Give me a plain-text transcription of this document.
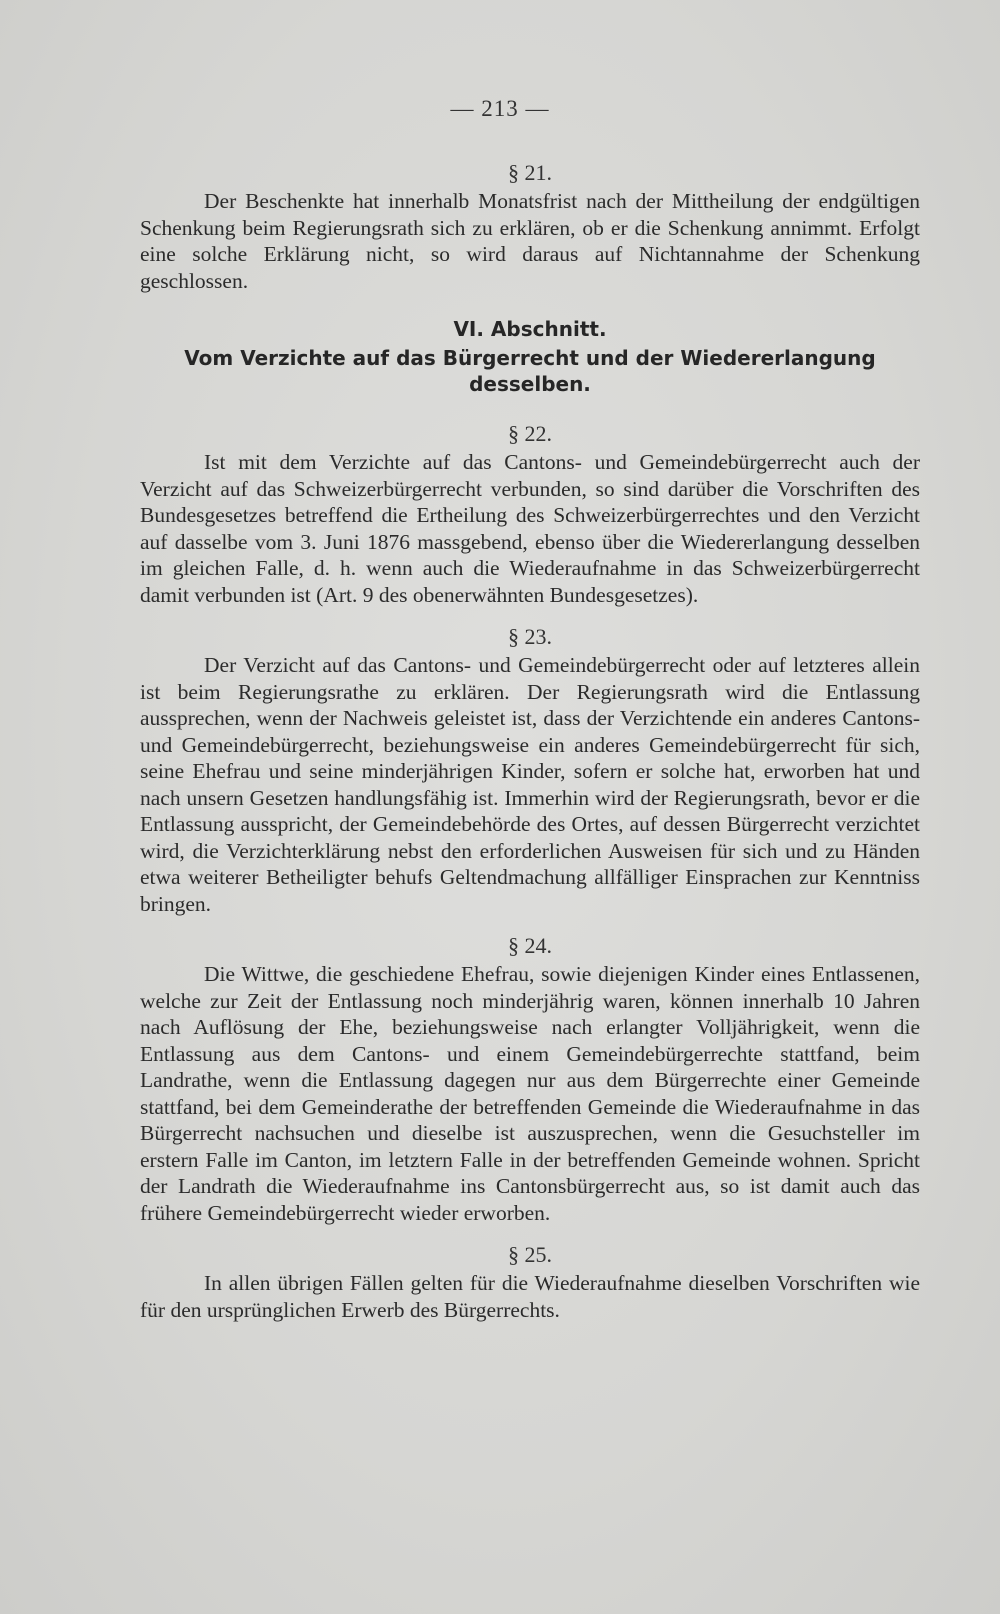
— 213 —

§ 21.

Der Beschenkte hat innerhalb Monatsfrist nach der Mittheilung der endgültigen Schenkung beim Regierungsrath sich zu erklären, ob er die Schenkung annimmt. Erfolgt eine solche Erklärung nicht, so wird daraus auf Nichtannahme der Schenkung geschlossen.

VI. Abschnitt.

Vom Verzichte auf das Bürgerrecht und der Wiedererlangung desselben.

§ 22.

Ist mit dem Verzichte auf das Cantons- und Gemeindebürgerrecht auch der Verzicht auf das Schweizerbürgerrecht verbunden, so sind darüber die Vorschriften des Bundesgesetzes betreffend die Ertheilung des Schweizerbürgerrechtes und den Verzicht auf dasselbe vom 3. Juni 1876 massgebend, ebenso über die Wiedererlangung desselben im gleichen Falle, d. h. wenn auch die Wiederaufnahme in das Schweizerbürgerrecht damit verbunden ist (Art. 9 des obenerwähnten Bundesgesetzes).

§ 23.

Der Verzicht auf das Cantons- und Gemeindebürgerrecht oder auf letzteres allein ist beim Regierungsrathe zu erklären. Der Regierungsrath wird die Entlassung aussprechen, wenn der Nachweis geleistet ist, dass der Verzichtende ein anderes Cantons- und Gemeindebürgerrecht, beziehungsweise ein anderes Gemeindebürgerrecht für sich, seine Ehefrau und seine minderjährigen Kinder, sofern er solche hat, erworben hat und nach unsern Gesetzen handlungsfähig ist. Immerhin wird der Regierungsrath, bevor er die Entlassung ausspricht, der Gemeindebehörde des Ortes, auf dessen Bürgerrecht verzichtet wird, die Verzichterklärung nebst den erforderlichen Ausweisen für sich und zu Händen etwa weiterer Betheiligter behufs Geltendmachung allfälliger Einsprachen zur Kenntniss bringen.

§ 24.

Die Wittwe, die geschiedene Ehefrau, sowie diejenigen Kinder eines Entlassenen, welche zur Zeit der Entlassung noch minderjährig waren, können innerhalb 10 Jahren nach Auflösung der Ehe, beziehungsweise nach erlangter Volljährigkeit, wenn die Entlassung aus dem Cantons- und einem Gemeindebürgerrechte stattfand, beim Landrathe, wenn die Entlassung dagegen nur aus dem Bürgerrechte einer Gemeinde stattfand, bei dem Gemeinderathe der betreffenden Gemeinde die Wiederaufnahme in das Bürgerrecht nachsuchen und dieselbe ist auszusprechen, wenn die Gesuchsteller im erstern Falle im Canton, im letztern Falle in der betreffenden Gemeinde wohnen. Spricht der Landrath die Wiederaufnahme ins Cantonsbürgerrecht aus, so ist damit auch das frühere Gemeindebürgerrecht wieder erworben.

§ 25.

In allen übrigen Fällen gelten für die Wiederaufnahme dieselben Vorschriften wie für den ursprünglichen Erwerb des Bürgerrechts.
